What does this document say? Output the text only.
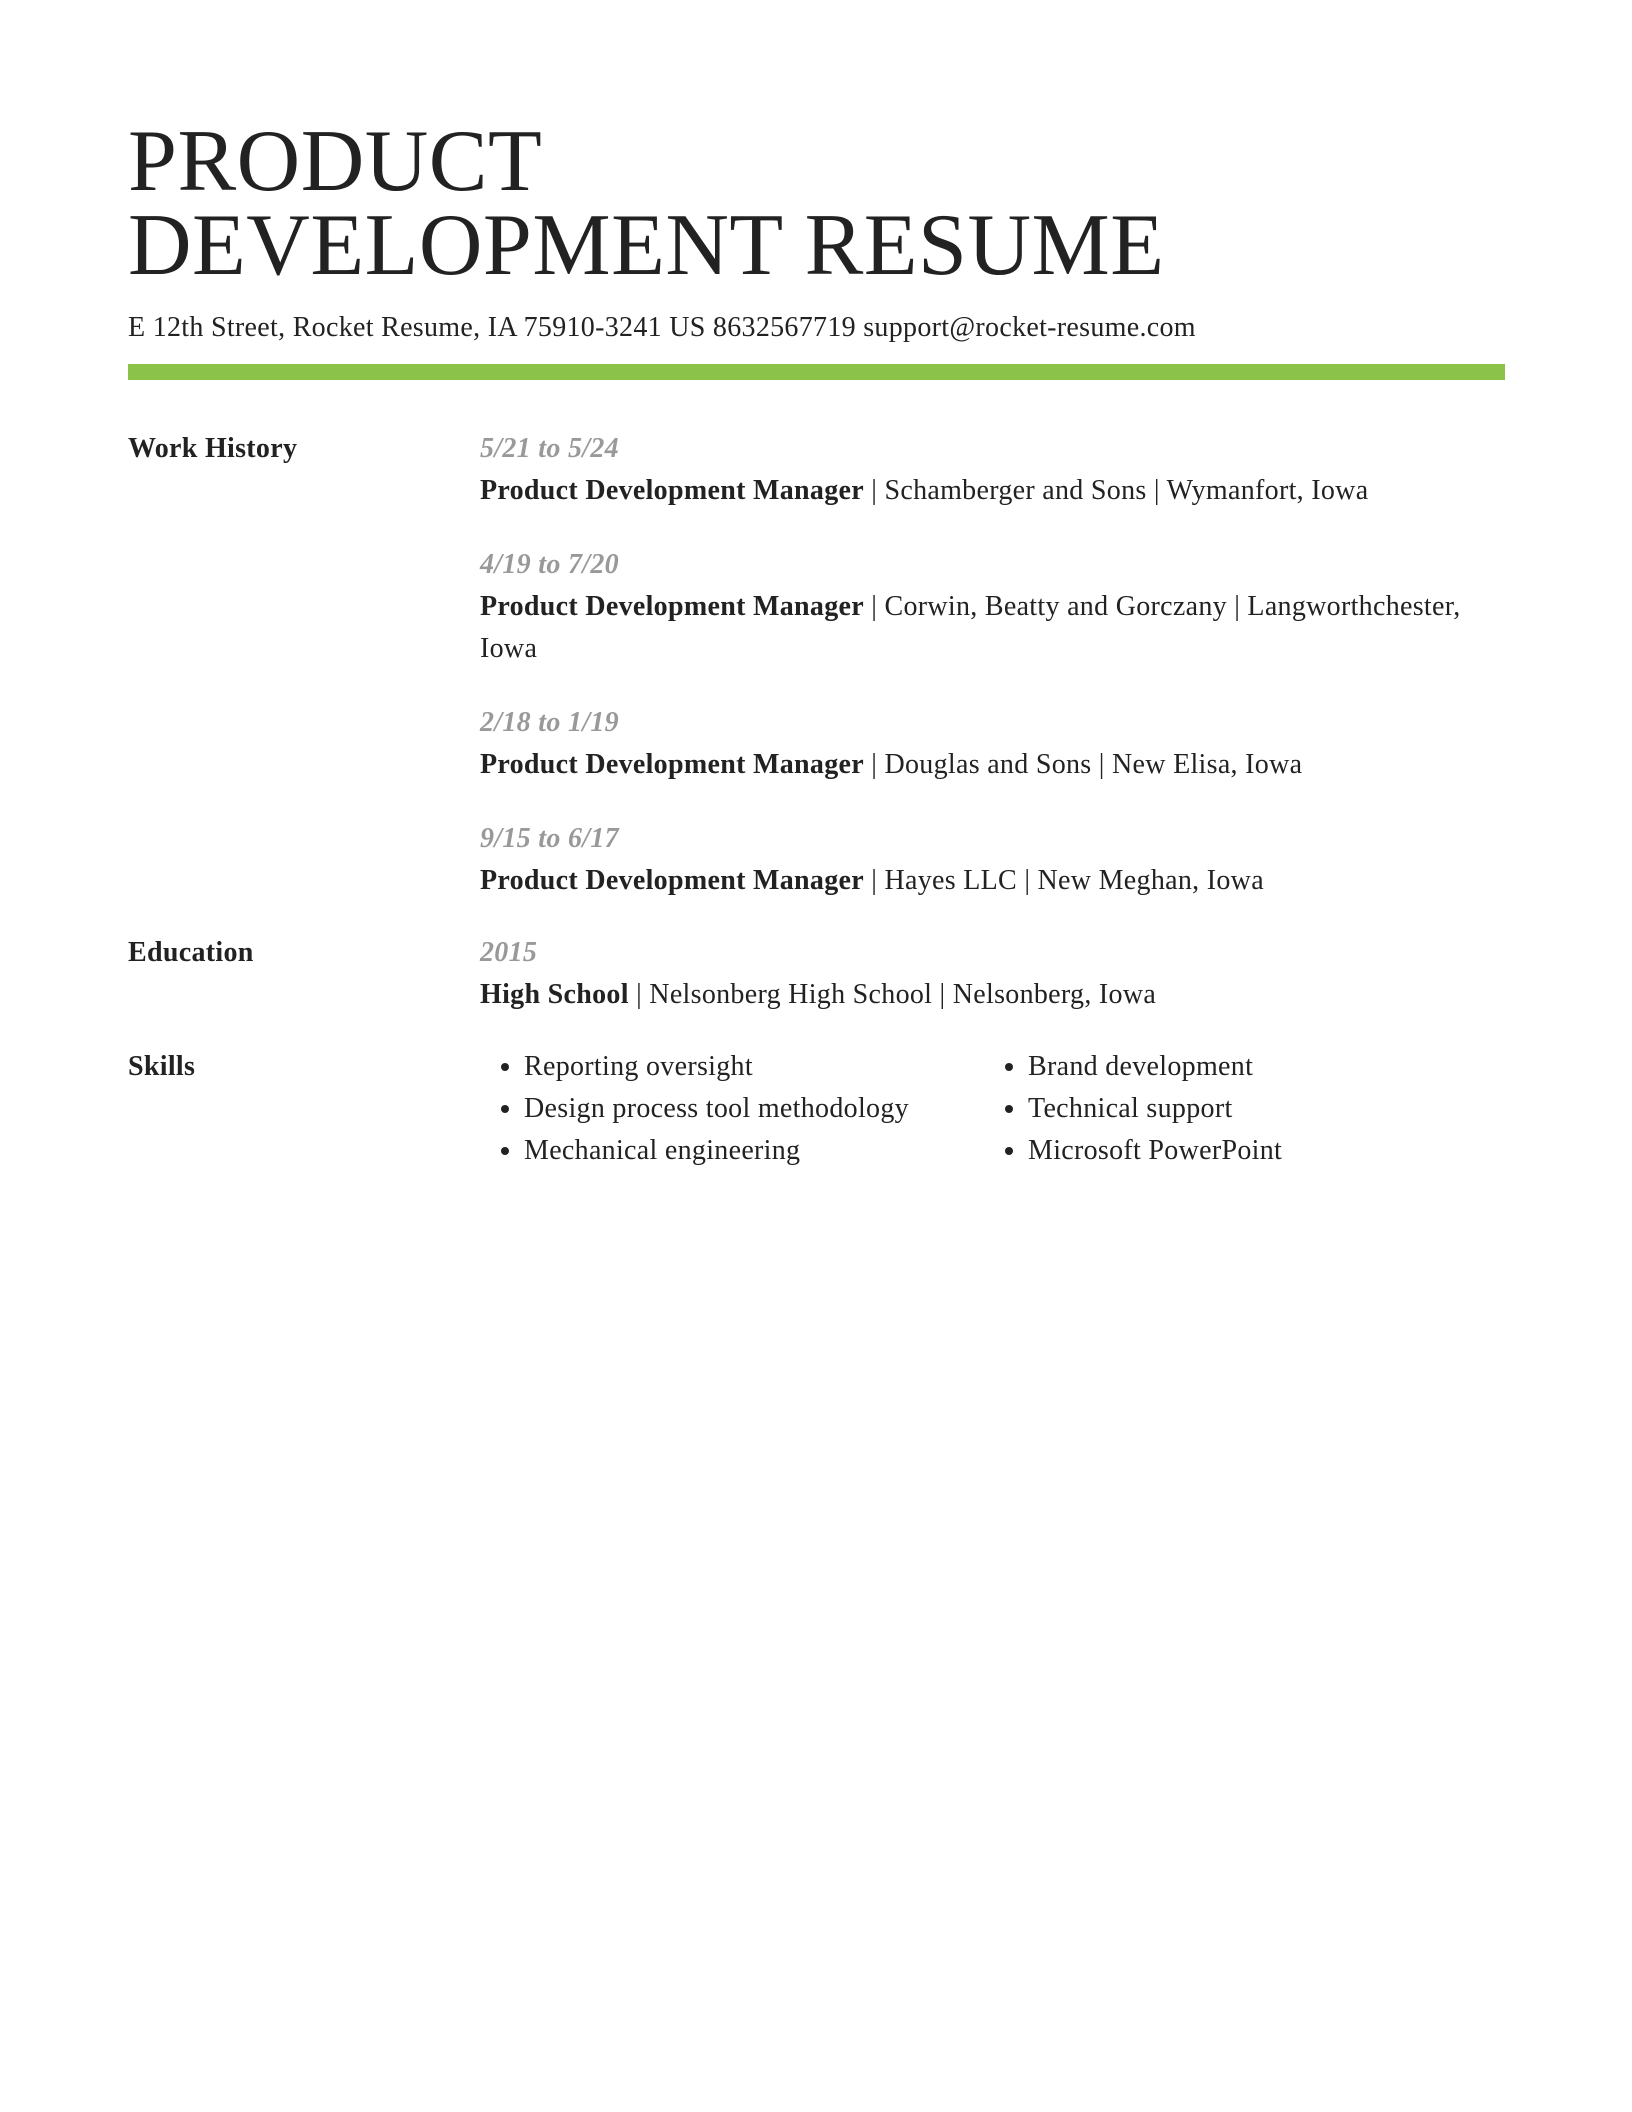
PRODUCT
DEVELOPMENT RESUME
E 12th Street, Rocket Resume, IA 75910-3241 US 8632567719 support@rocket-resume.com
Work History	5/21 to 5/24
Product Development Manager | Schamberger and Sons | Wymanfort, Iowa
4/19 to 7/20
Product Development Manager | Corwin, Beatty and Gorczany | Langworthchester, Iowa
2/18 to 1/19
Product Development Manager | Douglas and Sons | New Elisa, Iowa
9/15 to 6/17
Product Development Manager | Hayes LLC | New Meghan, Iowa
Education	2015
High School | Nelsonberg High School | Nelsonberg, Iowa
Skills
•	Reporting oversight
• Design process tool methodology
• Mechanical engineering
• Brand development
• Technical support
• Microsoft PowerPoint
